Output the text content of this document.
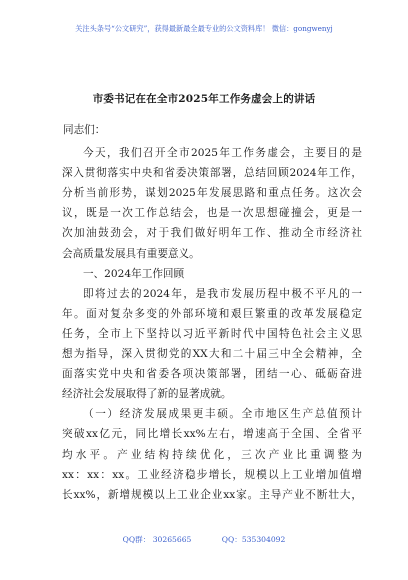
关注头条号“公文研究”，获得最新最全最专业的公文资料库！ 微信：gongwenyj
市委书记在在全市2025年工作务虚会上的讲话
同志们：
今天，我们召开全市2025年工作务虚会，主要目的是
深入贯彻落实中央和省委决策部署，总结回顾2024年工作，
分析当前形势，谋划2025年发展思路和重点任务。这次会
议，既是一次工作总结会，也是一次思想碰撞会，更是一
次加油鼓劲会，对于我们做好明年工作、推动全市经济社
会高质量发展具有重要意义。
一、2024年工作回顾
即将过去的2024年，是我市发展历程中极不平凡的一
年。面对复杂多变的外部环境和艰巨繁重的改革发展稳定
任务，全市上下坚持以习近平新时代中国特色社会主义思
想为指导，深入贯彻党的XX大和二十届三中全会精神，全
面落实党中央和省委各项决策部署，团结一心、砥砺奋进
经济社会发展取得了新的显著成就。
（一）经济发展成果更丰硕。全市地区生产总值预计
突破xx亿元，同比增长xx%左右，增速高于全国、全省平
均水平。产业结构持续优化，三次产业比重调整为
xx：xx：xx。工业经济稳步增长，规模以上工业增加值增
长xx%，新增规模以上工业企业xx家。主导产业不断壮大，
QQ群： 30265665	QQ：535304092
